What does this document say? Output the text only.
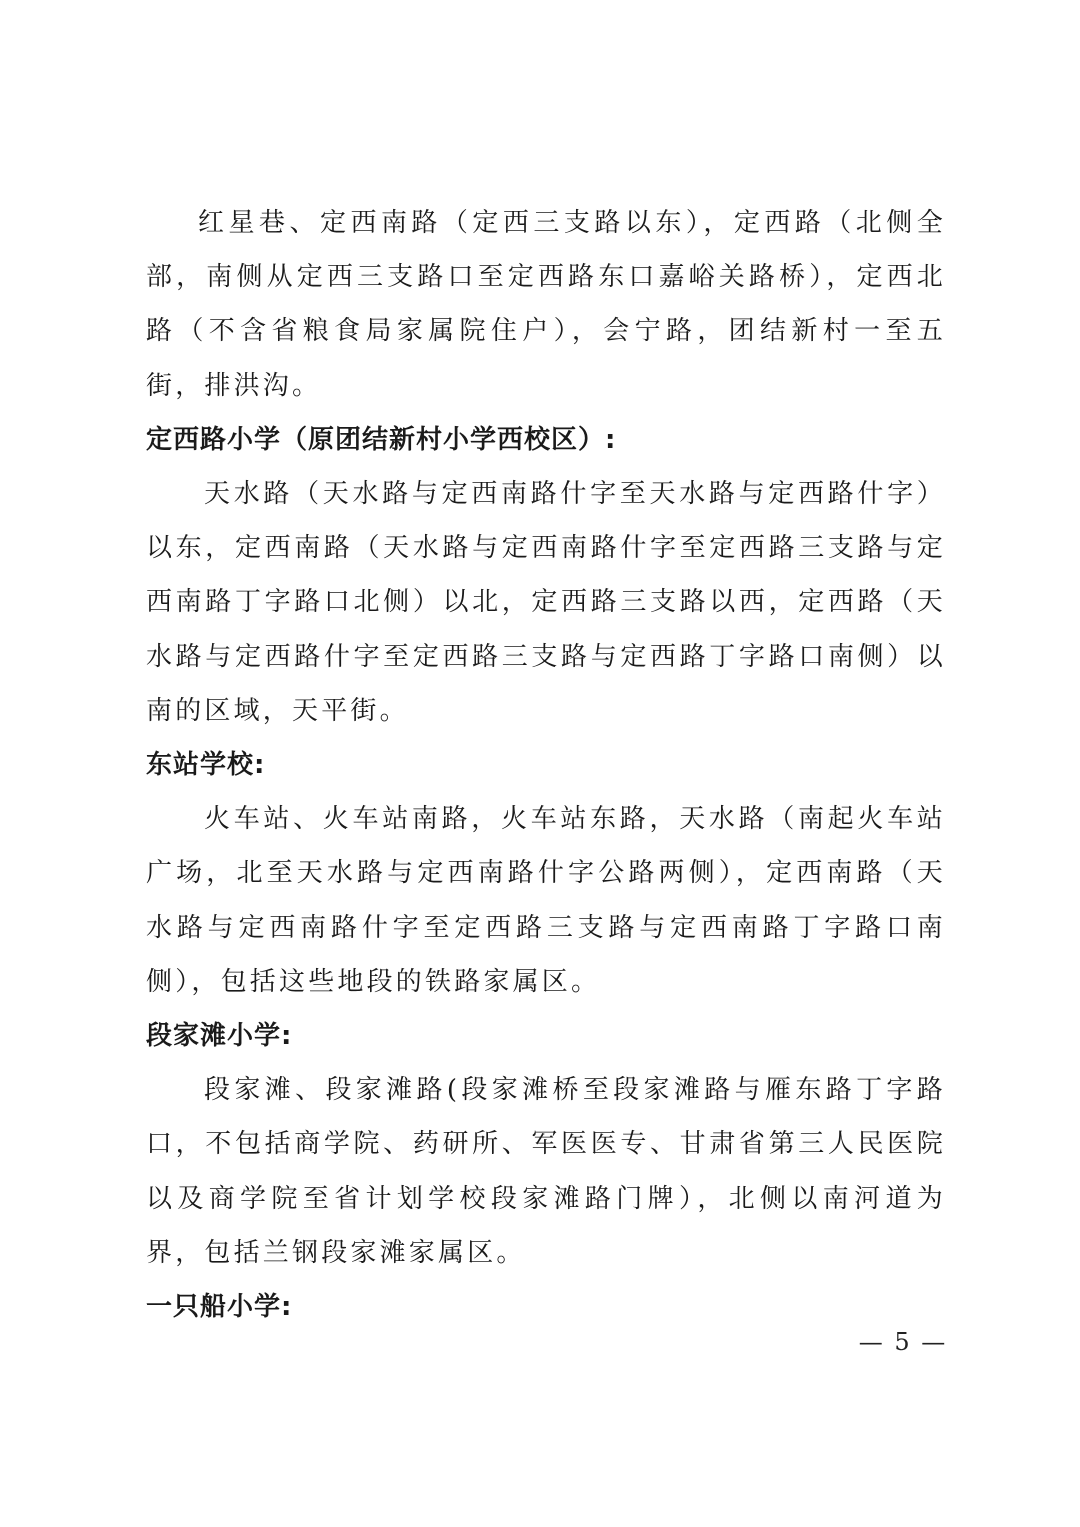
红星巷、定西南路（定西三支路以东），定西路（北侧全部，南侧从定西三支路口至定西路东口嘉峪关路桥），定西北路（不含省粮食局家属院住户），会宁路，团结新村一至五街，排洪沟。

定西路小学（原团结新村小学西校区）:

天水路（天水路与定西南路什字至天水路与定西路什字）以东，定西南路（天水路与定西南路什字至定西路三支路与定西南路丁字路口北侧）以北，定西路三支路以西，定西路（天水路与定西路什字至定西路三支路与定西路丁字路口南侧）以南的区域，天平街。

东站学校:

火车站、火车站南路，火车站东路，天水路（南起火车站广场，北至天水路与定西南路什字公路两侧），定西南路（天水路与定西南路什字至定西路三支路与定西南路丁字路口南侧），包括这些地段的铁路家属区。

段家滩小学:

段家滩、段家滩路(段家滩桥至段家滩路与雁东路丁字路口，不包括商学院、药研所、军医医专、甘肃省第三人民医院以及商学院至省计划学校段家滩路门牌），北侧以南河道为界，包括兰钢段家滩家属区。

一只船小学:

— 5 —
